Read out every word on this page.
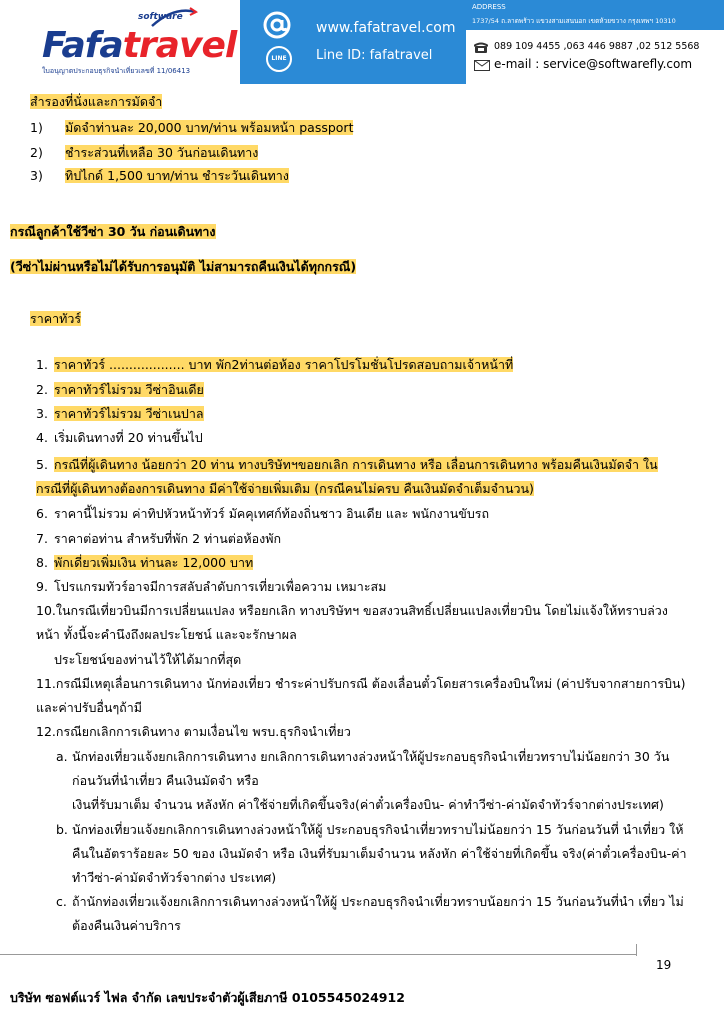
software
Fafatravel
ใบอนุญาตประกอบธุรกิจนำเที่ยวเลขที่ 11/06413
LINE
www.fafatravel.com
Line ID: fafatravel
ADDRESS
1737/54 ถ.ลาดพร้าว แขวงสามเสนนอก เขตห้วยขวาง กรุงเทพฯ 10310
089 109 4455 ,063 446 9887 ,02 512 5568
e-mail : service@softwarefly.com
สำรองที่นั่งและการมัดจำ
1) มัดจำท่านละ 20,000 บาท/ท่าน พร้อมหน้า passport
2) ชำระส่วนที่เหลือ 30 วันก่อนเดินทาง
3) ทิปไกด์ 1,500 บาท/ท่าน ชำระวันเดินทาง
กรณีลูกค้าใช้วีซ่า 30 วัน ก่อนเดินทาง
(วีซ่าไม่ผ่านหรือไม่ได้รับการอนุมัติ ไม่สามารถคืนเงินได้ทุกกรณี)
ราคาทัวร์
1. ราคาทัวร์ ................... บาท พัก2ท่านต่อห้อง ราคาโปรโมชั่นโปรดสอบถามเจ้าหน้าที่
2. ราคาทัวร์ไม่รวม วีซ่าอินเดีย
3. ราคาทัวร์ไม่รวม วีซ่าเนปาล
4. เริ่มเดินทางที่ 20 ท่านขึ้นไป
5. กรณีที่ผู้เดินทาง น้อยกว่า 20 ท่าน ทางบริษัทฯขอยกเลิก การเดินทาง หรือ เลื่อนการเดินทาง พร้อมคืนเงินมัดจำ ใน
กรณีที่ผู้เดินทางต้องการเดินทาง มีค่าใช้จ่ายเพิ่มเติม (กรณีคนไม่ครบ คืนเงินมัดจำเต็มจำนวน)
6. ราคานี้ไม่รวม ค่าทิปหัวหน้าทัวร์ มัคคุเทศก์ท้องถิ่นชาว อินเดีย และ พนักงานขับรถ
7. ราคาต่อท่าน สำหรับที่พัก 2 ท่านต่อห้องพัก
8. พักเดี่ยวเพิ่มเงิน ท่านละ 12,000 บาท
9. โปรแกรมทัวร์อาจมีการสลับลำดับการเที่ยวเพื่อความ เหมาะสม
10.ในกรณีเที่ยวบินมีการเปลี่ยนแปลง หรือยกเลิก ทางบริษัทฯ ขอสงวนสิทธิ์เปลี่ยนแปลงเที่ยวบิน โดยไม่แจ้งให้ทราบล่วง
หน้า ทั้งนี้จะคำนึงถึงผลประโยชน์ และจะรักษาผล
ประโยชน์ของท่านไว้ให้ได้มากที่สุด
11.กรณีมีเหตุเลื่อนการเดินทาง นักท่องเที่ยว ชำระค่าปรับกรณี ต้องเลื่อนตั๋วโดยสารเครื่องบินใหม่ (ค่าปรับจากสายการบิน)
และค่าปรับอื่นๆถ้ามี
12.กรณียกเลิกการเดินทาง ตามเงื่อนไข พรบ.ธุรกิจนำเที่ยว
a. นักท่องเที่ยวแจ้งยกเลิกการเดินทาง ยกเลิกการเดินทางล่วงหน้าให้ผู้ประกอบธุรกิจนำเที่ยวทราบไม่น้อยกว่า 30 วัน
ก่อนวันที่นำเที่ยว คืนเงินมัดจำ หรือ
เงินที่รับมาเต็ม จำนวน หลังหัก ค่าใช้จ่ายที่เกิดขึ้นจริง(ค่าตั๋วเครื่องบิน- ค่าทำวีซ่า-ค่ามัดจำทัวร์จากต่างประเทศ)
b. นักท่องเที่ยวแจ้งยกเลิกการเดินทางล่วงหน้าให้ผู้ ประกอบธุรกิจนำเที่ยวทราบไม่น้อยกว่า 15 วันก่อนวันที่ นำเที่ยว ให้
คืนในอัตราร้อยละ 50 ของ เงินมัดจำ หรือ เงินที่รับมาเต็มจำนวน หลังหัก ค่าใช้จ่ายที่เกิดขึ้น จริง(ค่าตั๋วเครื่องบิน-ค่า
ทำวีซ่า-ค่ามัดจำทัวร์จากต่าง ประเทศ)
c. ถ้านักท่องเที่ยวแจ้งยกเลิกการเดินทางล่วงหน้าให้ผู้ ประกอบธุรกิจนำเที่ยวทราบน้อยกว่า 15 วันก่อนวันที่นำ เที่ยว ไม่
ต้องคืนเงินค่าบริการ
19
บริษัท ซอฟต์แวร์ ไฟล จำกัด เลขประจำตัวผู้เสียภาษี 0105545024912
